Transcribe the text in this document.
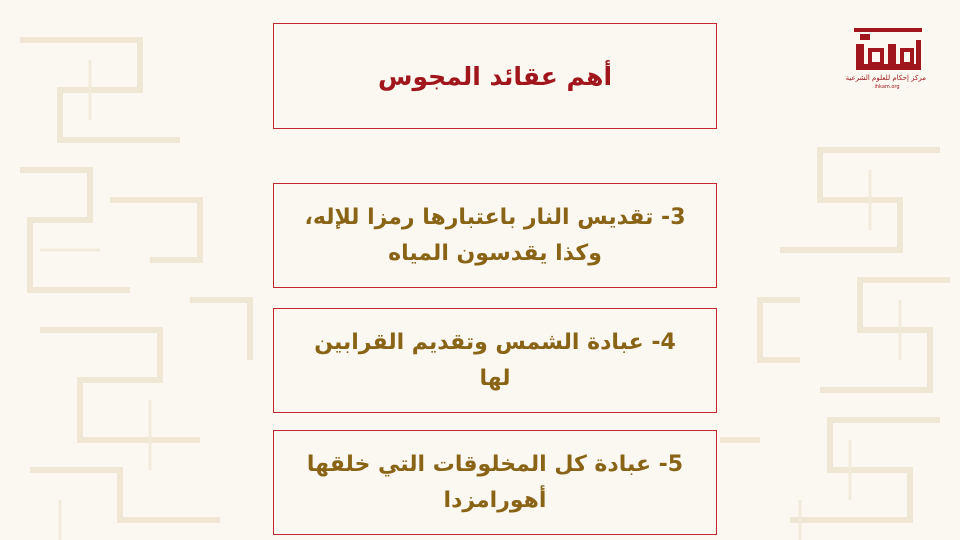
أهم عقائد المجوس
3- تقديس النار باعتبارها رمزا للإله، وكذا يقدسون المياه
4- عبادة الشمس وتقديم القرابين لها
5- عبادة كل المخلوقات التي خلقها أهورامزدا
مركز إحكام للعلوم الشرعية
ihkam.org
